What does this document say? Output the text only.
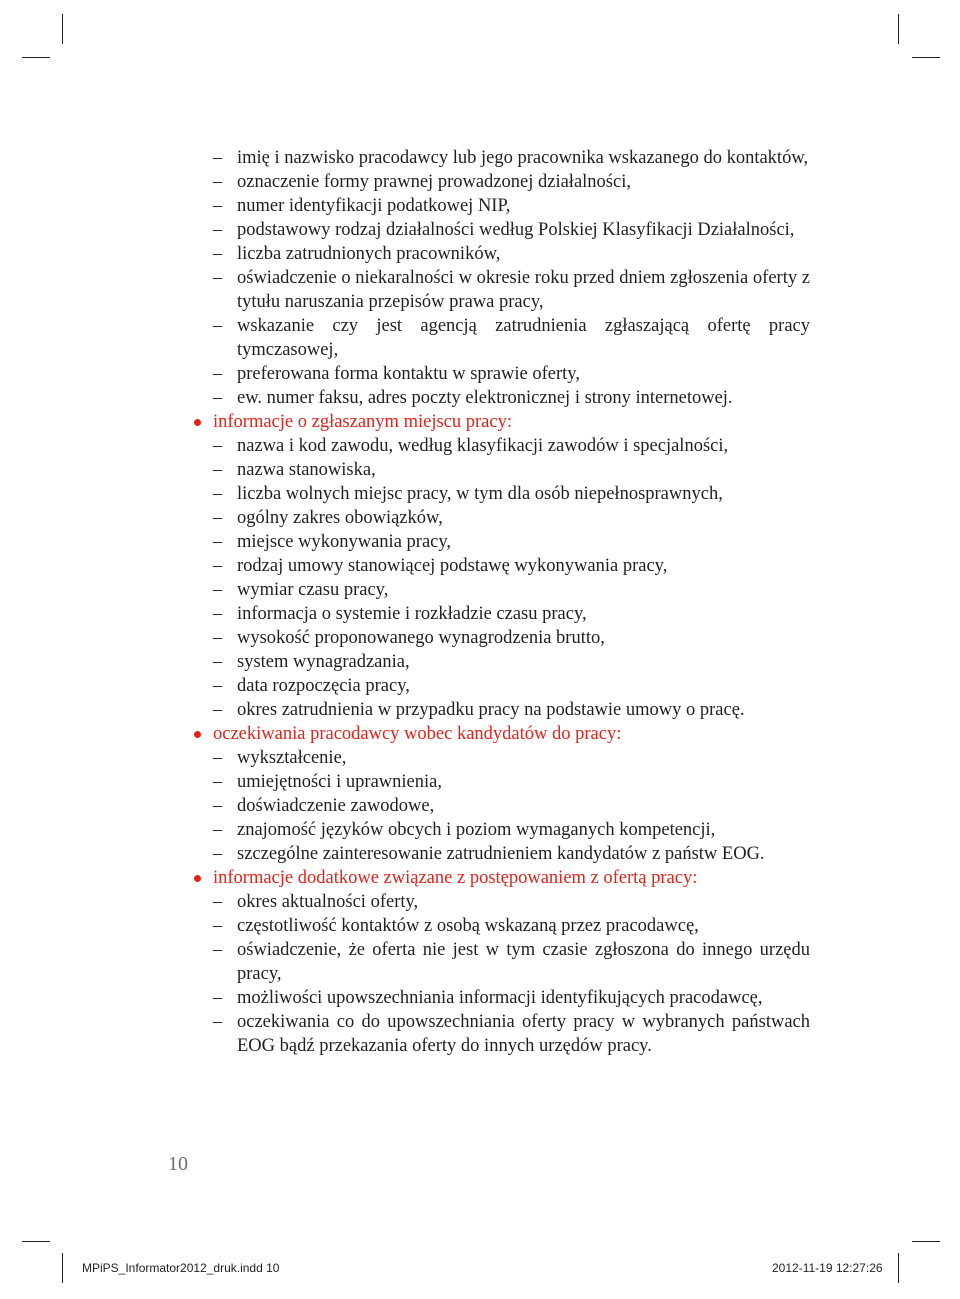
– imię i nazwisko pracodawcy lub jego pracownika wskazanego do kontaktów,
– oznaczenie formy prawnej prowadzonej działalności,
– numer identyfikacji podatkowej NIP,
– podstawowy rodzaj działalności według Polskiej Klasyfikacji Działalności,
– liczba zatrudnionych pracowników,
– oświadczenie o niekaralności w okresie roku przed dniem zgłoszenia oferty z tytułu naruszania przepisów prawa pracy,
– wskazanie czy jest agencją zatrudnienia zgłaszającą ofertę pracy tymczasowej,
– preferowana forma kontaktu w sprawie oferty,
– ew. numer faksu, adres poczty elektronicznej i strony internetowej.
informacje o zgłaszanym miejscu pracy:
– nazwa i kod zawodu, według klasyfikacji zawodów i specjalności,
– nazwa stanowiska,
– liczba wolnych miejsc pracy, w tym dla osób niepełnosprawnych,
– ogólny zakres obowiązków,
– miejsce wykonywania pracy,
– rodzaj umowy stanowiącej podstawę wykonywania pracy,
– wymiar czasu pracy,
– informacja o systemie i rozkładzie czasu pracy,
– wysokość proponowanego wynagrodzenia brutto,
– system wynagradzania,
– data rozpoczęcia pracy,
– okres zatrudnienia w przypadku pracy na podstawie umowy o pracę.
oczekiwania pracodawcy wobec kandydatów do pracy:
– wykształcenie,
– umiejętności i uprawnienia,
– doświadczenie zawodowe,
– znajomość języków obcych i poziom wymaganych kompetencji,
– szczególne zainteresowanie zatrudnieniem kandydatów z państw EOG.
informacje dodatkowe związane z postępowaniem z ofertą pracy:
– okres aktualności oferty,
– częstotliwość kontaktów z osobą wskazaną przez pracodawcę,
– oświadczenie, że oferta nie jest w tym czasie zgłoszona do innego urzędu pracy,
– możliwości upowszechniania informacji identyfikujących pracodawcę,
– oczekiwania co do upowszechniania oferty pracy w wybranych państwach EOG bądź przekazania oferty do innych urzędów pracy.
10
MPiPS_Informator2012_druk.indd 10	2012-11-19 12:27:26
